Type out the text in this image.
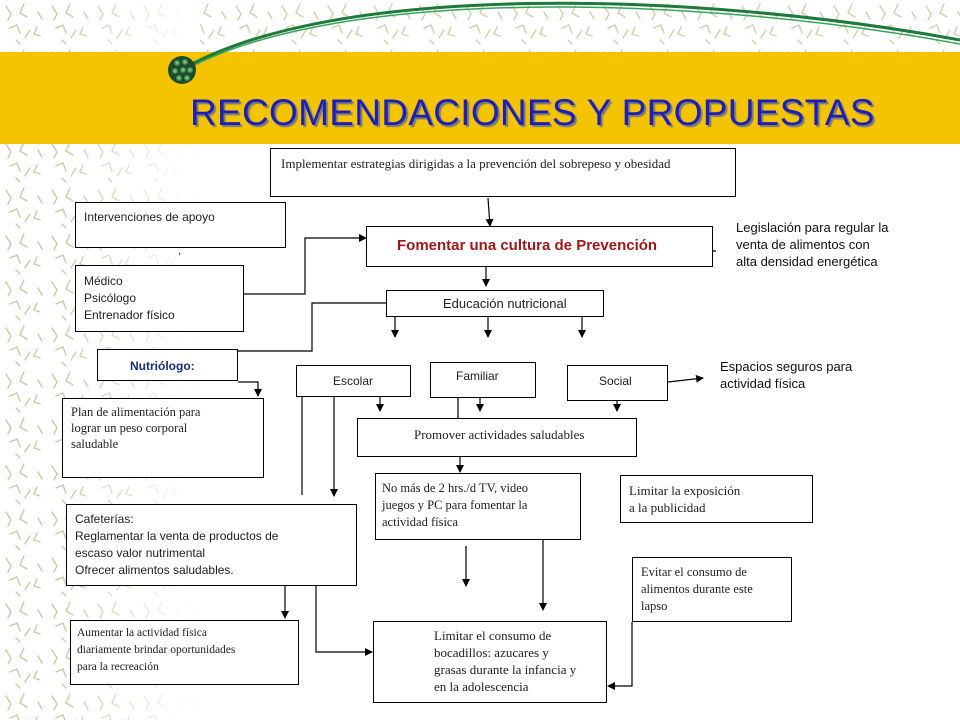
RECOMENDACIONES Y PROPUESTAS
Implementar estrategias dirigidas a la prevención del sobrepeso y obesidad
Intervenciones de apoyo
,	Fomentar una cultura de Prevención
Legislación para regular la
venta de alimentos con
alta densidad energética
Médico
Psicólogo
Entrenador físico
Educación nutricional
Nutriólogo:	Espacios seguros para
actividad física
Escolar	Familiar	Social
Plan de alimentación para
lograr un peso corporal
saludable
Promover actividades saludables
No más de 2 hrs./d TV, video
juegos y PC para fomentar la
actividad física
Limitar la exposición
a la publicidad
Cafeterías:
Reglamentar la venta de productos de
escaso valor nutrimental
Ofrecer alimentos saludables.	Evitar el consumo de
alimentos durante este
lapso
Aumentar la actividad física
diariamente brindar oportunidades
para la recreación
Limitar el consumo de
bocadillos: azucares y
grasas durante la infancia y
en la adolescencia
